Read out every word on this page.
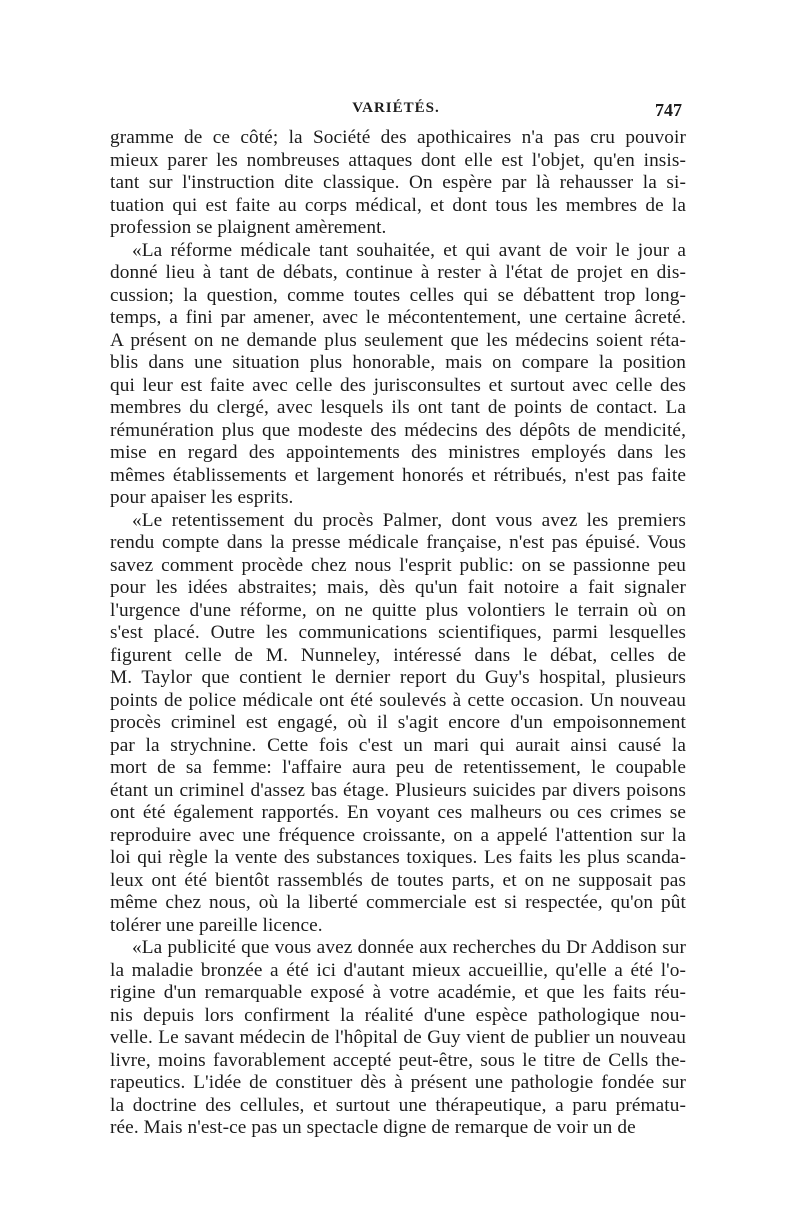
VARIÉTÉS.	747
gramme de ce côté; la Société des apothicaires n'a pas cru pouvoir
mieux parer les nombreuses attaques dont elle est l'objet, qu'en insis-
tant sur l'instruction dite classique. On espère par là rehausser la si-
tuation qui est faite au corps médical, et dont tous les membres de la
profession se plaignent amèrement.
«La réforme médicale tant souhaitée, et qui avant de voir le jour a
donné lieu à tant de débats, continue à rester à l'état de projet en dis-
cussion; la question, comme toutes celles qui se débattent trop long-
temps, a fini par amener, avec le mécontentement, une certaine âcreté.
A présent on ne demande plus seulement que les médecins soient réta-
blis dans une situation plus honorable, mais on compare la position
qui leur est faite avec celle des jurisconsultes et surtout avec celle des
membres du clergé, avec lesquels ils ont tant de points de contact. La
rémunération plus que modeste des médecins des dépôts de mendicité,
mise en regard des appointements des ministres employés dans les
mêmes établissements et largement honorés et rétribués, n'est pas faite
pour apaiser les esprits.
«Le retentissement du procès Palmer, dont vous avez les premiers
rendu compte dans la presse médicale française, n'est pas épuisé. Vous
savez comment procède chez nous l'esprit public: on se passionne peu
pour les idées abstraites; mais, dès qu'un fait notoire a fait signaler
l'urgence d'une réforme, on ne quitte plus volontiers le terrain où on
s'est placé. Outre les communications scientifiques, parmi lesquelles
figurent celle de M. Nunneley, intéressé dans le débat, celles de
M. Taylor que contient le dernier report du Guy's hospital, plusieurs
points de police médicale ont été soulevés à cette occasion. Un nouveau
procès criminel est engagé, où il s'agit encore d'un empoisonnement
par la strychnine. Cette fois c'est un mari qui aurait ainsi causé la
mort de sa femme: l'affaire aura peu de retentissement, le coupable
étant un criminel d'assez bas étage. Plusieurs suicides par divers poisons
ont été également rapportés. En voyant ces malheurs ou ces crimes se
reproduire avec une fréquence croissante, on a appelé l'attention sur la
loi qui règle la vente des substances toxiques. Les faits les plus scanda-
leux ont été bientôt rassemblés de toutes parts, et on ne supposait pas
même chez nous, où la liberté commerciale est si respectée, qu'on pût
tolérer une pareille licence.
«La publicité que vous avez donnée aux recherches du Dr Addison sur
la maladie bronzée a été ici d'autant mieux accueillie, qu'elle a été l'o-
rigine d'un remarquable exposé à votre académie, et que les faits réu-
nis depuis lors confirment la réalité d'une espèce pathologique nou-
velle. Le savant médecin de l'hôpital de Guy vient de publier un nouveau
livre, moins favorablement accepté peut-être, sous le titre de Cells the-
rapeutics. L'idée de constituer dès à présent une pathologie fondée sur
la doctrine des cellules, et surtout une thérapeutique, a paru prématu-
rée. Mais n'est-ce pas un spectacle digne de remarque de voir un de
